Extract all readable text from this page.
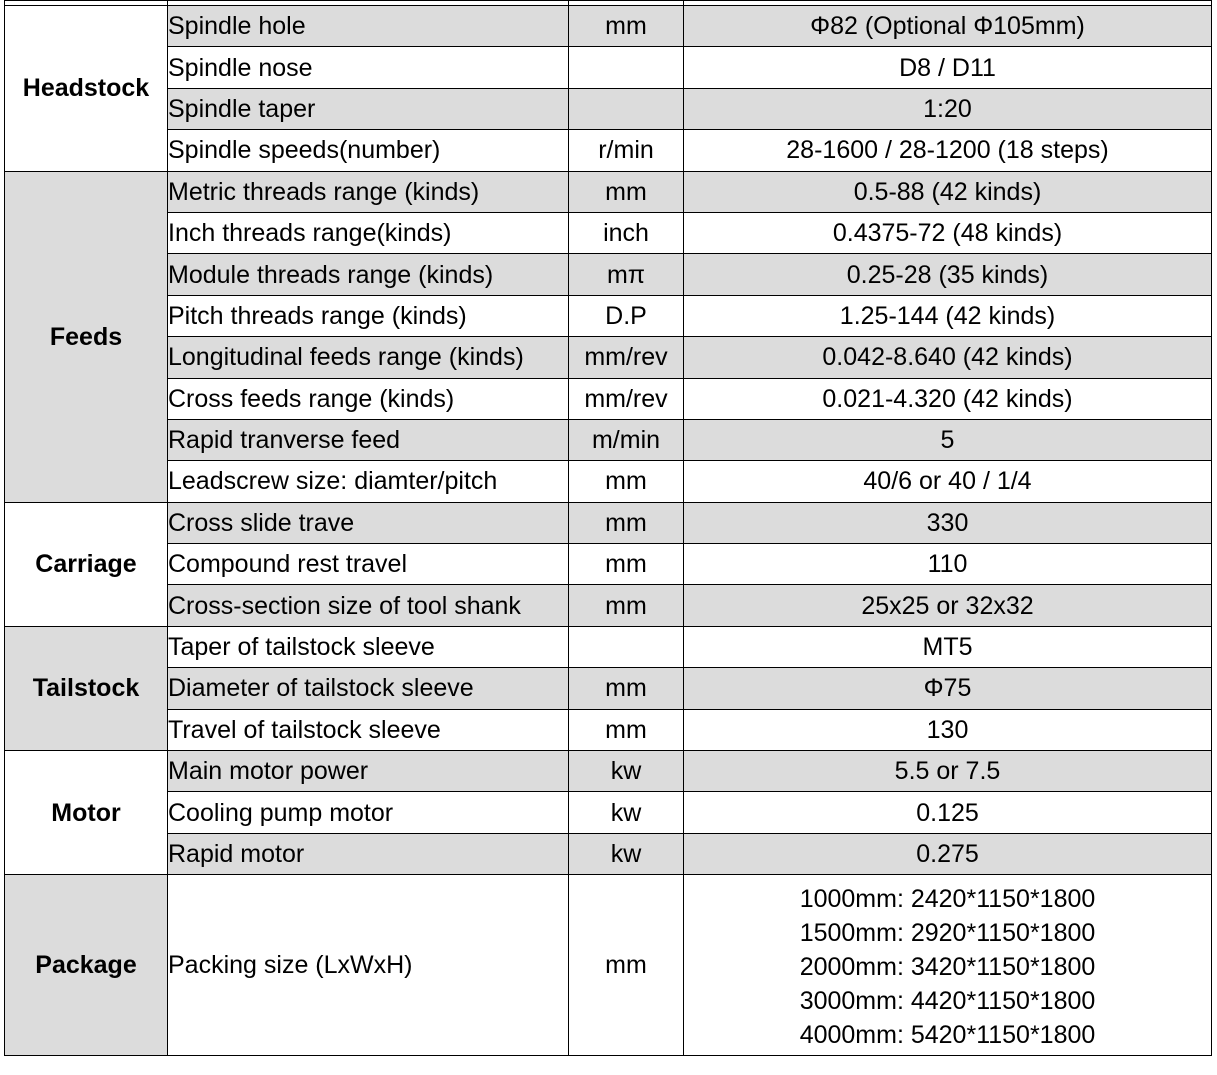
Headstock	Spindle hole	mm	Φ82 (Optional Φ105mm)
	Spindle nose		D8 / D11
	Spindle taper		1:20
	Spindle speeds(number)	r/min	28-1600 / 28-1200 (18 steps)
Feeds	Metric threads range (kinds)	mm	0.5-88 (42 kinds)
	Inch threads range(kinds)	inch	0.4375-72 (48 kinds)
	Module threads range (kinds)	mπ	0.25-28 (35 kinds)
	Pitch threads range (kinds)	D.P	1.25-144 (42 kinds)
	Longitudinal feeds range (kinds)	mm/rev	0.042-8.640 (42 kinds)
	Cross feeds range (kinds)	mm/rev	0.021-4.320 (42 kinds)
	Rapid tranverse feed	m/min	5
	Leadscrew size: diamter/pitch	mm	40/6 or 40 / 1/4
Carriage	Cross slide trave	mm	330
	Compound rest travel	mm	110
	Cross-section size of tool shank	mm	25x25 or 32x32
Tailstock	Taper of tailstock sleeve		MT5
	Diameter of tailstock sleeve	mm	Φ75
	Travel of tailstock sleeve	mm	130
Motor	Main motor power	kw	5.5 or 7.5
	Cooling pump motor	kw	0.125
	Rapid motor	kw	0.275
Package	Packing size (LxWxH)	mm	1000mm: 2420*1150*1800
1500mm: 2920*1150*1800
2000mm: 3420*1150*1800
3000mm: 4420*1150*1800
4000mm: 5420*1150*1800
